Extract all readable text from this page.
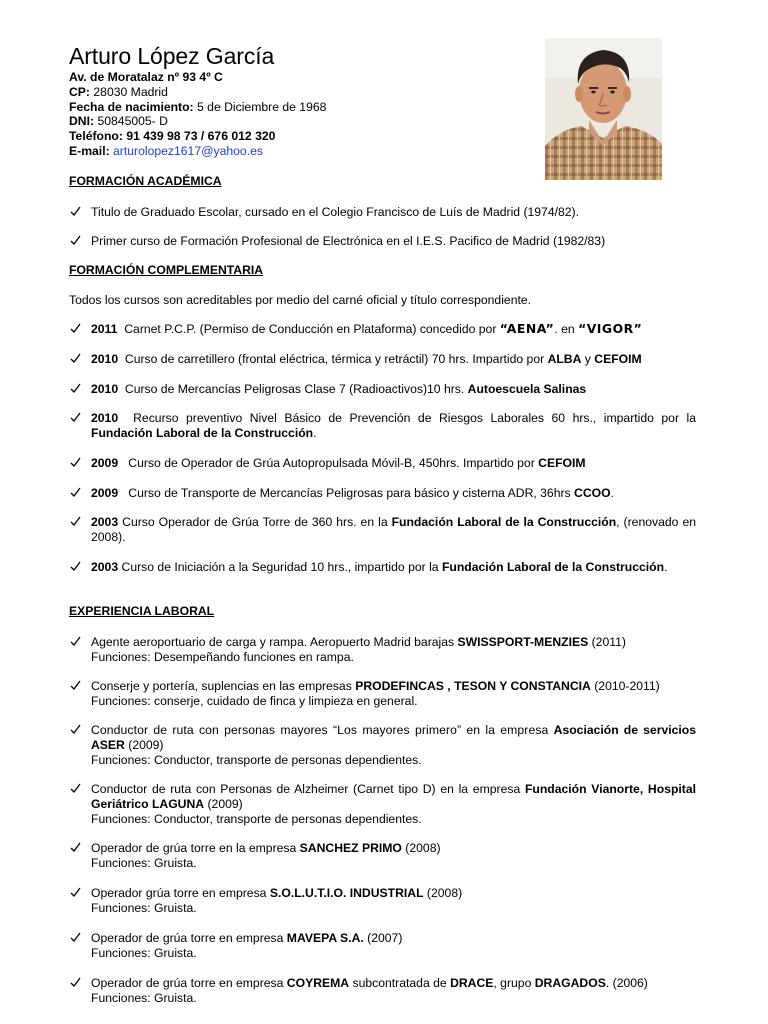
Arturo López García
Av. de Moratalaz nº 93 4º C
CP: 28030 Madrid
Fecha de nacimiento: 5 de Diciembre de 1968
DNI: 50845005- D
Teléfono: 91 439 98 73 / 676 012 320
E-mail: arturolopez1617@yahoo.es
FORMACIÓN ACADÉMICA
Titulo de Graduado Escolar, cursado en el Colegio Francisco de Luís de Madrid (1974/82).
Primer curso de Formación Profesional de Electrónica en el I.E.S. Pacifico de Madrid (1982/83)
FORMACIÓN COMPLEMENTARIA
Todos los cursos son acreditables por medio del carné oficial y título correspondiente.
2011 Carnet P.C.P. (Permiso de Conducción en Plataforma) concedido por “AENA”. en “VIGOR”
2010 Curso de carretillero (frontal eléctrica, térmica y retráctil) 70 hrs. Impartido por ALBA y CEFOIM
2010 Curso de Mercancías Peligrosas Clase 7 (Radioactivos)10 hrs. Autoescuela Salinas
2010 Recurso preventivo Nivel Básico de Prevención de Riesgos Laborales 60 hrs., impartido por la Fundación Laboral de la Construcción.
2009 Curso de Operador de Grúa Autopropulsada Móvil-B, 450hrs. Impartido por CEFOIM
2009 Curso de Transporte de Mercancías Peligrosas para básico y cisterna ADR, 36hrs CCOO.
2003 Curso Operador de Grúa Torre de 360 hrs. en la Fundación Laboral de la Construcción, (renovado en 2008).
2003 Curso de Iniciación a la Seguridad 10 hrs., impartido por la Fundación Laboral de la Construcción.
EXPERIENCIA LABORAL
Agente aeroportuario de carga y rampa. Aeropuerto Madrid barajas SWISSPORT-MENZIES (2011)
Funciones: Desempeñando funciones en rampa.
Conserje y portería, suplencias en las empresas PRODEFINCAS , TESON Y CONSTANCIA (2010-2011)
Funciones: conserje, cuidado de finca y limpieza en general.
Conductor de ruta con personas mayores “Los mayores primero” en la empresa Asociación de servicios ASER (2009)
Funciones: Conductor, transporte de personas dependientes.
Conductor de ruta con Personas de Alzheimer (Carnet tipo D) en la empresa Fundación Vianorte, Hospital Geriátrico LAGUNA (2009)
Funciones: Conductor, transporte de personas dependientes.
Operador de grúa torre en la empresa SANCHEZ PRIMO (2008)
Funciones: Gruista.
Operador grúa torre en empresa S.O.L.U.T.I.O. INDUSTRIAL (2008)
Funciones: Gruista.
Operador de grúa torre en empresa MAVEPA S.A. (2007)
Funciones: Gruista.
Operador de grúa torre en empresa COYREMA subcontratada de DRACE, grupo DRAGADOS. (2006)
Funciones: Gruista.
